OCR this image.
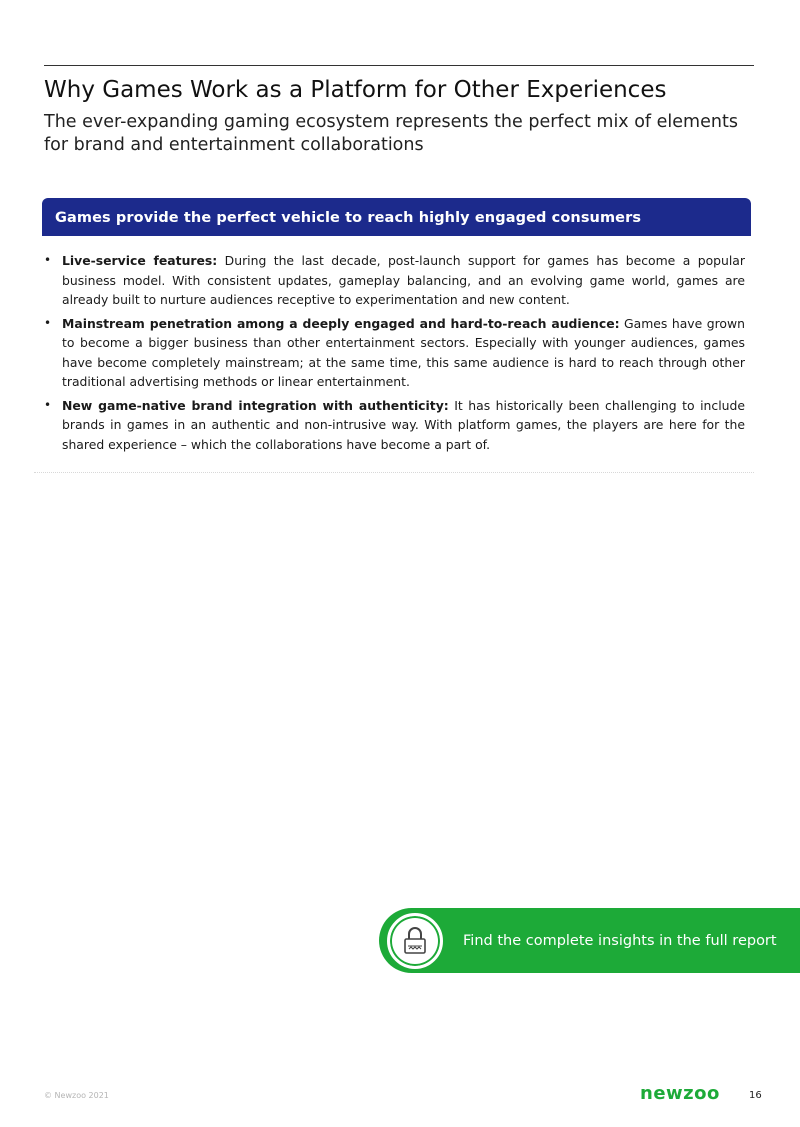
Why Games Work as a Platform for Other Experiences

The ever-expanding gaming ecosystem represents the perfect mix of elements for brand and entertainment collaborations

Games provide the perfect vehicle to reach highly engaged consumers
• Live-service features: During the last decade, post-launch support for games has become a popular business model. With consistent updates, gameplay balancing, and an evolving game world, games are already built to nurture audiences receptive to experimentation and new content.
• Mainstream penetration among a deeply engaged and hard-to-reach audience: Games have grown to become a bigger business than other entertainment sectors. Especially with younger audiences, games have become completely mainstream; at the same time, this same audience is hard to reach through other traditional advertising methods or linear entertainment.
• New game-native brand integration with authenticity: It has historically been challenging to include brands in games in an authentic and non-intrusive way. With platform games, the players are here for the shared experience – which the collaborations have become a part of.
Find the complete insights in the full report
© Newzoo 2021	newzoo	16
